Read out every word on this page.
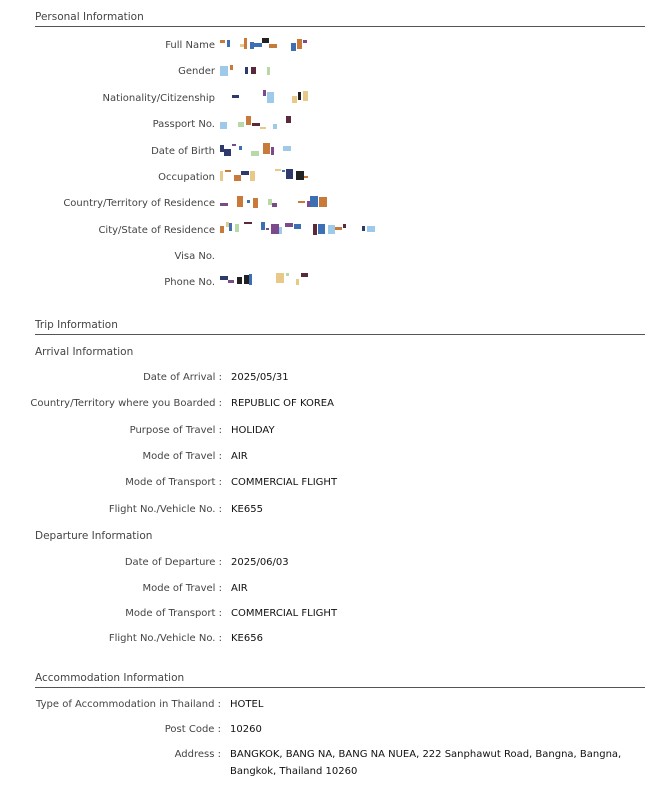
Personal Information
Full Name
Gender
Nationality/Citizenship
Passport No.
Date of Birth
Occupation
Country/Territory of Residence
City/State of Residence
Visa No.
Phone No.
Trip Information
Arrival Information
Date of Arrival : 2025/05/31
Country/Territory where you Boarded : REPUBLIC OF KOREA
Purpose of Travel : HOLIDAY
Mode of Travel : AIR
Mode of Transport : COMMERCIAL FLIGHT
Flight No./Vehicle No. : KE655
Departure Information
Date of Departure : 2025/06/03
Mode of Travel : AIR
Mode of Transport : COMMERCIAL FLIGHT
Flight No./Vehicle No. : KE656
Accommodation Information
Type of Accommodation in Thailand : HOTEL
Post Code : 10260
Address : BANGKOK, BANG NA, BANG NA NUEA, 222 Sanphawut Road, Bangna, Bangna, Bangkok, Thailand 10260
